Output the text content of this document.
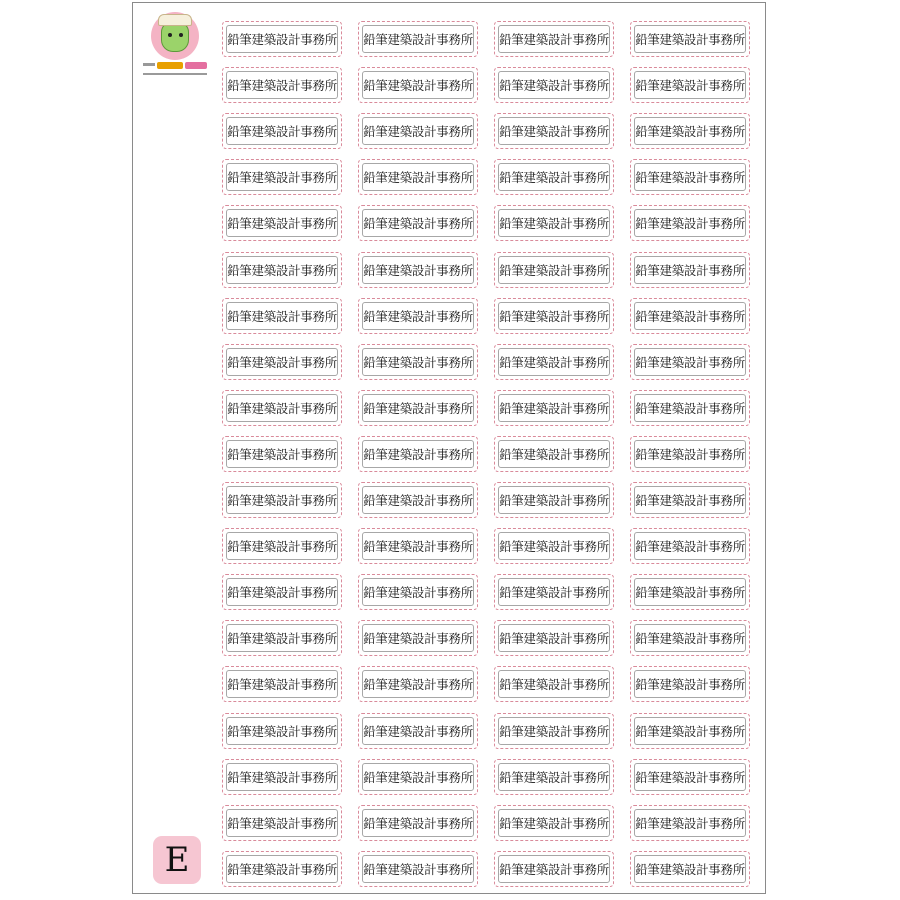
鉛筆建築設計事務所 鉛筆建築設計事務所 鉛筆建築設計事務所 鉛筆建築設計事務所
鉛筆建築設計事務所 鉛筆建築設計事務所 鉛筆建築設計事務所 鉛筆建築設計事務所
鉛筆建築設計事務所 鉛筆建築設計事務所 鉛筆建築設計事務所 鉛筆建築設計事務所
鉛筆建築設計事務所 鉛筆建築設計事務所 鉛筆建築設計事務所 鉛筆建築設計事務所
鉛筆建築設計事務所 鉛筆建築設計事務所 鉛筆建築設計事務所 鉛筆建築設計事務所
鉛筆建築設計事務所 鉛筆建築設計事務所 鉛筆建築設計事務所 鉛筆建築設計事務所
鉛筆建築設計事務所 鉛筆建築設計事務所 鉛筆建築設計事務所 鉛筆建築設計事務所
鉛筆建築設計事務所 鉛筆建築設計事務所 鉛筆建築設計事務所 鉛筆建築設計事務所
鉛筆建築設計事務所 鉛筆建築設計事務所 鉛筆建築設計事務所 鉛筆建築設計事務所
鉛筆建築設計事務所 鉛筆建築設計事務所 鉛筆建築設計事務所 鉛筆建築設計事務所
鉛筆建築設計事務所 鉛筆建築設計事務所 鉛筆建築設計事務所 鉛筆建築設計事務所
鉛筆建築設計事務所 鉛筆建築設計事務所 鉛筆建築設計事務所 鉛筆建築設計事務所
鉛筆建築設計事務所 鉛筆建築設計事務所 鉛筆建築設計事務所 鉛筆建築設計事務所
鉛筆建築設計事務所 鉛筆建築設計事務所 鉛筆建築設計事務所 鉛筆建築設計事務所
鉛筆建築設計事務所 鉛筆建築設計事務所 鉛筆建築設計事務所 鉛筆建築設計事務所
鉛筆建築設計事務所 鉛筆建築設計事務所 鉛筆建築設計事務所 鉛筆建築設計事務所
鉛筆建築設計事務所 鉛筆建築設計事務所 鉛筆建築設計事務所 鉛筆建築設計事務所
鉛筆建築設計事務所 鉛筆建築設計事務所 鉛筆建築設計事務所 鉛筆建築設計事務所
鉛筆建築設計事務所 鉛筆建築設計事務所 鉛筆建築設計事務所 鉛筆建築設計事務所
E
